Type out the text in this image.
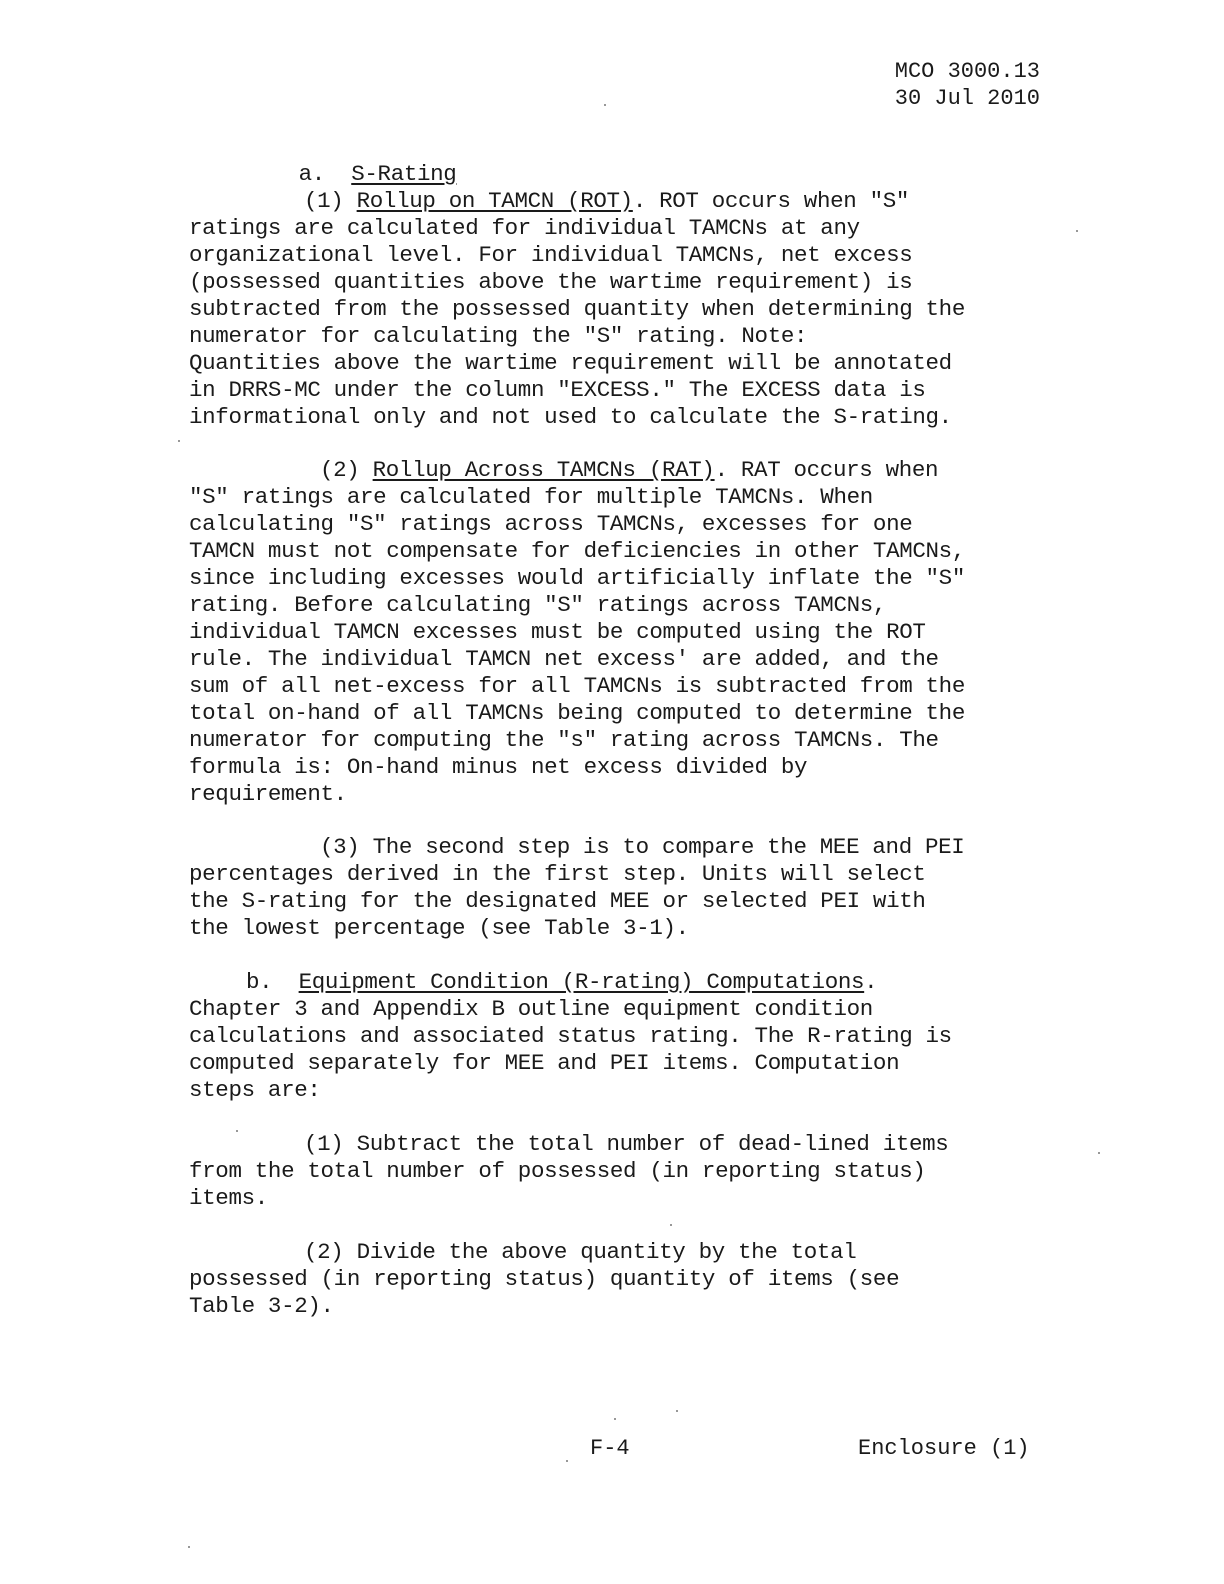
MCO 3000.13
30 Jul 2010

a. S-Rating

(1) Rollup on TAMCN (ROT). ROT occurs when "S"
ratings are calculated for individual TAMCNs at any
organizational level. For individual TAMCNs, net excess
(possessed quantities above the wartime requirement) is
subtracted from the possessed quantity when determining the
numerator for calculating the "S" rating. Note:
Quantities above the wartime requirement will be annotated
in DRRS-MC under the column "EXCESS." The EXCESS data is
informational only and not used to calculate the S-rating.
(2) Rollup Across TAMCNs (RAT). RAT occurs when
"S" ratings are calculated for multiple TAMCNs. When
calculating "S" ratings across TAMCNs, excesses for one
TAMCN must not compensate for deficiencies in other TAMCNs,
since including excesses would artificially inflate the "S"
rating. Before calculating "S" ratings across TAMCNs,
individual TAMCN excesses must be computed using the ROT
rule. The individual TAMCN net excess' are added, and the
sum of all net-excess for all TAMCNs is subtracted from the
total on-hand of all TAMCNs being computed to determine the
numerator for computing the "s" rating across TAMCNs. The
formula is: On-hand minus net excess divided by
requirement.
(3) The second step is to compare the MEE and PEI
percentages derived in the first step. Units will select
the S-rating for the designated MEE or selected PEI with
the lowest percentage (see Table 3-1).
b. Equipment Condition (R-rating) Computations.
Chapter 3 and Appendix B outline equipment condition
calculations and associated status rating. The R-rating is
computed separately for MEE and PEI items. Computation
steps are:
(1) Subtract the total number of dead-lined items
from the total number of possessed (in reporting status)
items.
(2) Divide the above quantity by the total
possessed (in reporting status) quantity of items (see
Table 3-2).
F-4	Enclosure (1)
